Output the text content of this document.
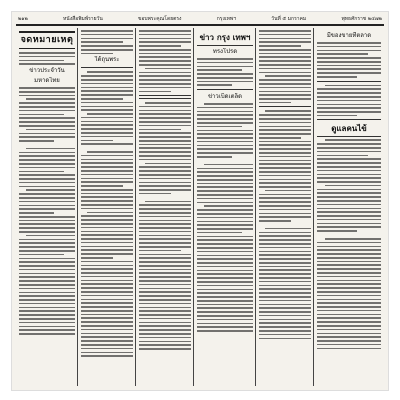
๒๑๒	หนังสือพิมพ์รายวัน	ขอบพระคุณโดยตรง	กรุงเทพฯ	วันที่ ๕ มกราคม	พุทธศักราช ๒๔๗๒
จดหมายเหตุ
ข่าวประจำวัน
มหาดไทย
ใต้ถุนพระ
ข่าว กรุง เทพฯ
ทรงโปรด
ข่าวเบ็ดเตล็ด
มีของขายที่ตลาด
ดูแลคนไข้
